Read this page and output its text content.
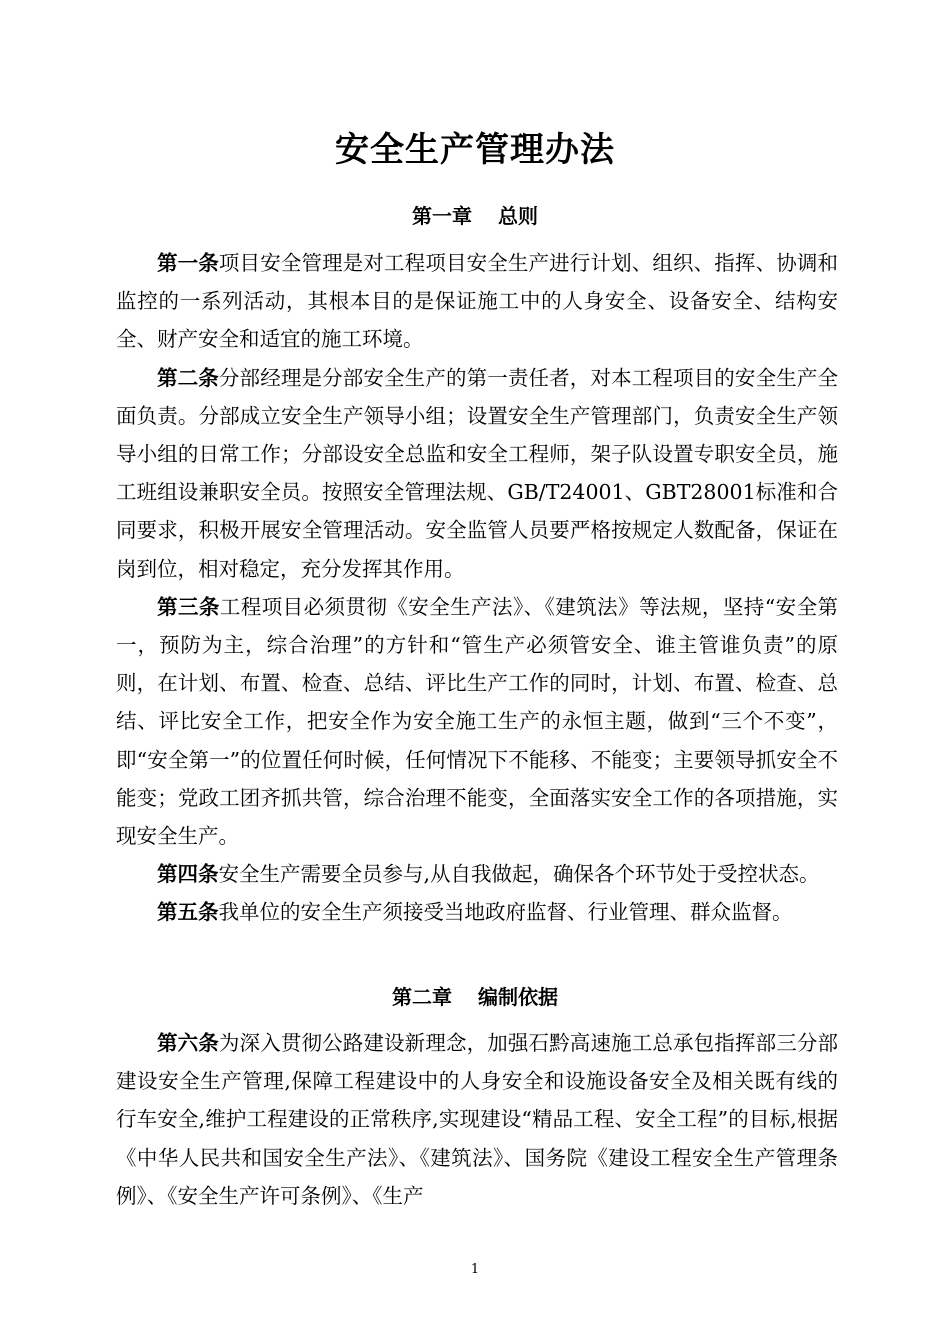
安全生产管理办法
第一章 总则

第一条项目安全管理是对工程项目安全生产进行计划、组织、指挥、协调和监控的一系列活动，其根本目的是保证施工中的人身安全、设备安全、结构安全、财产安全和适宜的施工环境。

第二条分部经理是分部安全生产的第一责任者，对本工程项目的安全生产全面负责。分部成立安全生产领导小组；设置安全生产管理部门，负责安全生产领导小组的日常工作；分部设安全总监和安全工程师，架子队设置专职安全员，施工班组设兼职安全员。按照安全管理法规、GB/T24001、GBT28001标准和合同要求，积极开展安全管理活动。安全监管人员要严格按规定人数配备，保证在岗到位，相对稳定，充分发挥其作用。

第三条工程项目必须贯彻《安全生产法》、《建筑法》等法规，坚持“安全第一，预防为主，综合治理”的方针和“管生产必须管安全、谁主管谁负责”的原则，在计划、布置、检查、总结、评比生产工作的同时，计划、布置、检查、总结、评比安全工作，把安全作为安全施工生产的永恒主题，做到“三个不变”，即“安全第一”的位置任何时候，任何情况下不能移、不能变；主要领导抓安全不能变；党政工团齐抓共管，综合治理不能变，全面落实安全工作的各项措施，实现安全生产。

第四条安全生产需要全员参与,从自我做起，确保各个环节处于受控状态。

第五条我单位的安全生产须接受当地政府监督、行业管理、群众监督。

第二章 编制依据

第六条为深入贯彻公路建设新理念，加强石黔高速施工总承包指挥部三分部建设安全生产管理,保障工程建设中的人身安全和设施设备安全及相关既有线的行车安全,维护工程建设的正常秩序,实现建设“精品工程、安全工程”的目标,根据《中华人民共和国安全生产法》、《建筑法》、国务院《建设工程安全生产管理条例》、《安全生产许可条例》、《生产

1
